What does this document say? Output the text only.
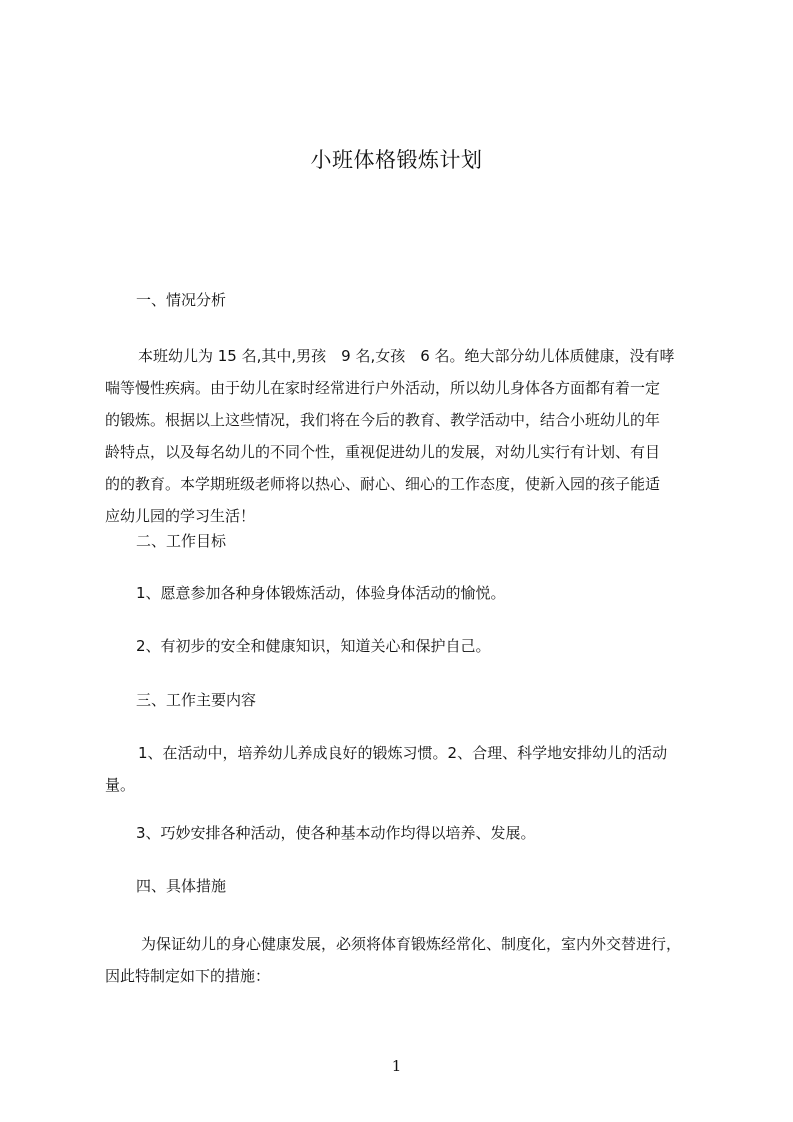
小班体格锻炼计划
一、情况分析
本班幼儿为 15 名,其中,男孩　9 名,女孩　6 名。绝大部分幼儿体质健康，没有哮
喘等慢性疾病。由于幼儿在家时经常进行户外活动，所以幼儿身体各方面都有着一定
的锻炼。根据以上这些情况，我们将在今后的教育、教学活动中，结合小班幼儿的年
龄特点，以及每名幼儿的不同个性，重视促进幼儿的发展，对幼儿实行有计划、有目
的的教育。本学期班级老师将以热心、耐心、细心的工作态度，使新入园的孩子能适
应幼儿园的学习生活！
二、工作目标
1、愿意参加各种身体锻炼活动，体验身体活动的愉悦。
2、有初步的安全和健康知识，知道关心和保护自己。
三、工作主要内容
1、在活动中，培养幼儿养成良好的锻炼习惯。2、合理、科学地安排幼儿的活动
量。
3、巧妙安排各种活动，使各种基本动作均得以培养、发展。
四、具体措施
为保证幼儿的身心健康发展，必须将体育锻炼经常化、制度化，室内外交替进行，
因此特制定如下的措施：
1
